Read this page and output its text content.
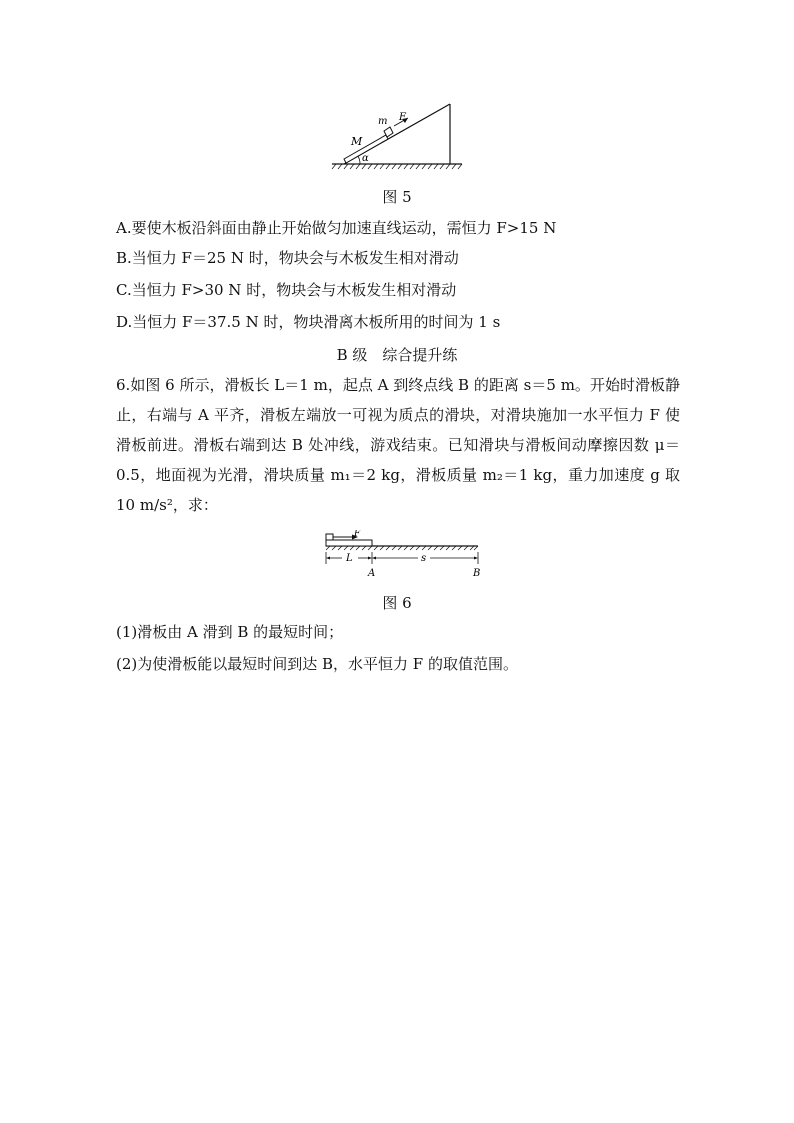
m F
M
α
图 5
A.要使木板沿斜面由静止开始做匀加速直线运动，需恒力 F>15 N
B.当恒力 F＝25 N 时，物块会与木板发生相对滑动
C.当恒力 F>30 N 时，物块会与木板发生相对滑动
D.当恒力 F＝37.5 N 时，物块滑离木板所用的时间为 1 s
B 级　综合提升练
6.如图 6 所示，滑板长 L＝1 m，起点 A 到终点线 B 的距离 s＝5 m。开始时滑板静止，右端与 A 平齐，滑板左端放一可视为质点的滑块，对滑块施加一水平恒力 F 使滑板前进。滑板右端到达 B 处冲线，游戏结束。已知滑块与滑板间动摩擦因数 μ＝0.5，地面视为光滑，滑块质量 m₁＝2 kg，滑板质量 m₂＝1 kg，重力加速度 g 取 10 m/s²，求：
F
L	s
A	B
图 6
(1)滑板由 A 滑到 B 的最短时间；
(2)为使滑板能以最短时间到达 B，水平恒力 F 的取值范围。
